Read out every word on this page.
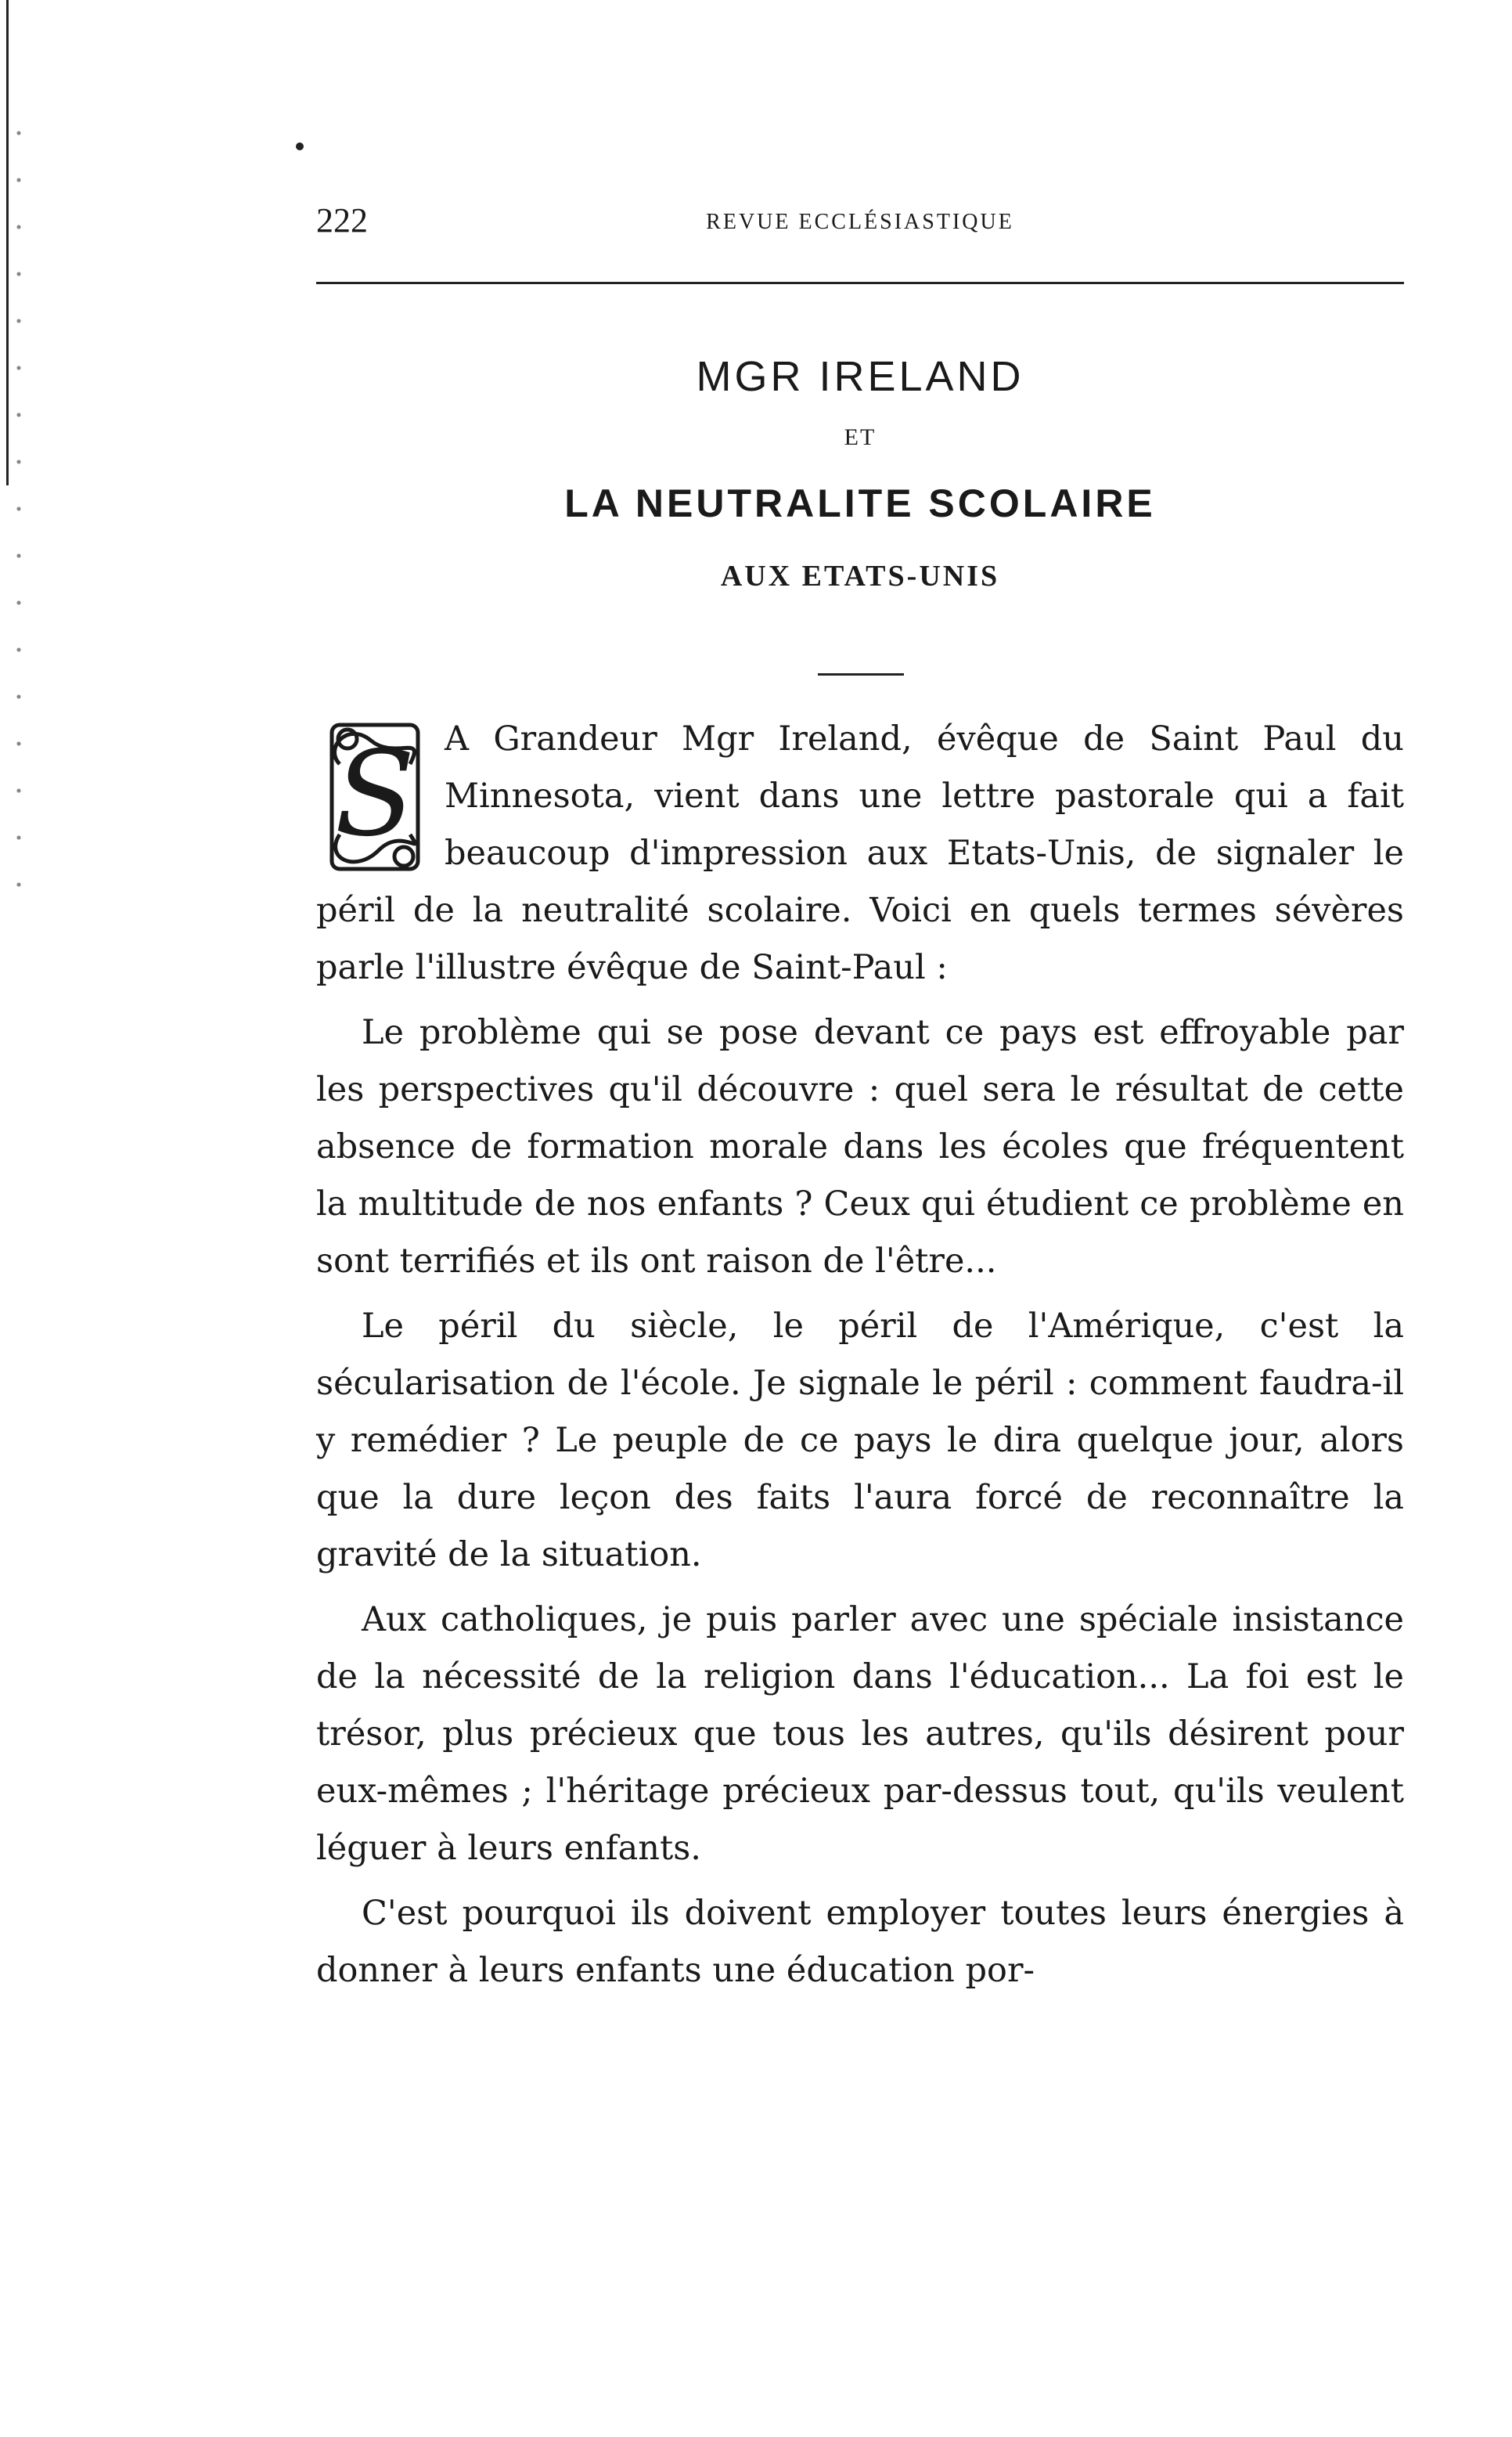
222	REVUE ECCLÉSIASTIQUE
MGR IRELAND
ET
LA NEUTRALITE SCOLAIRE
AUX ETATS-UNIS
S A Grandeur Mgr Ireland, évêque de Saint Paul du Minnesota, vient dans une lettre pastorale qui a fait beaucoup d'impression aux Etats-Unis, de signaler le péril de la neutralité scolaire. Voici en quels termes sévères parle l'illustre évêque de Saint-Paul :

Le problème qui se pose devant ce pays est effroyable par les perspectives qu'il découvre : quel sera le résultat de cette absence de formation morale dans les écoles que fréquentent la multitude de nos enfants ? Ceux qui étudient ce problème en sont terrifiés et ils ont raison de l'être...

Le péril du siècle, le péril de l'Amérique, c'est la sécularisation de l'école. Je signale le péril : comment faudra-il y remédier ? Le peuple de ce pays le dira quelque jour, alors que la dure leçon des faits l'aura forcé de reconnaître la gravité de la situation.

Aux catholiques, je puis parler avec une spéciale insistance de la nécessité de la religion dans l'éducation... La foi est le trésor, plus précieux que tous les autres, qu'ils désirent pour eux-mêmes ; l'héritage précieux par-dessus tout, qu'ils veulent léguer à leurs enfants.

C'est pourquoi ils doivent employer toutes leurs énergies à donner à leurs enfants une éducation por-
